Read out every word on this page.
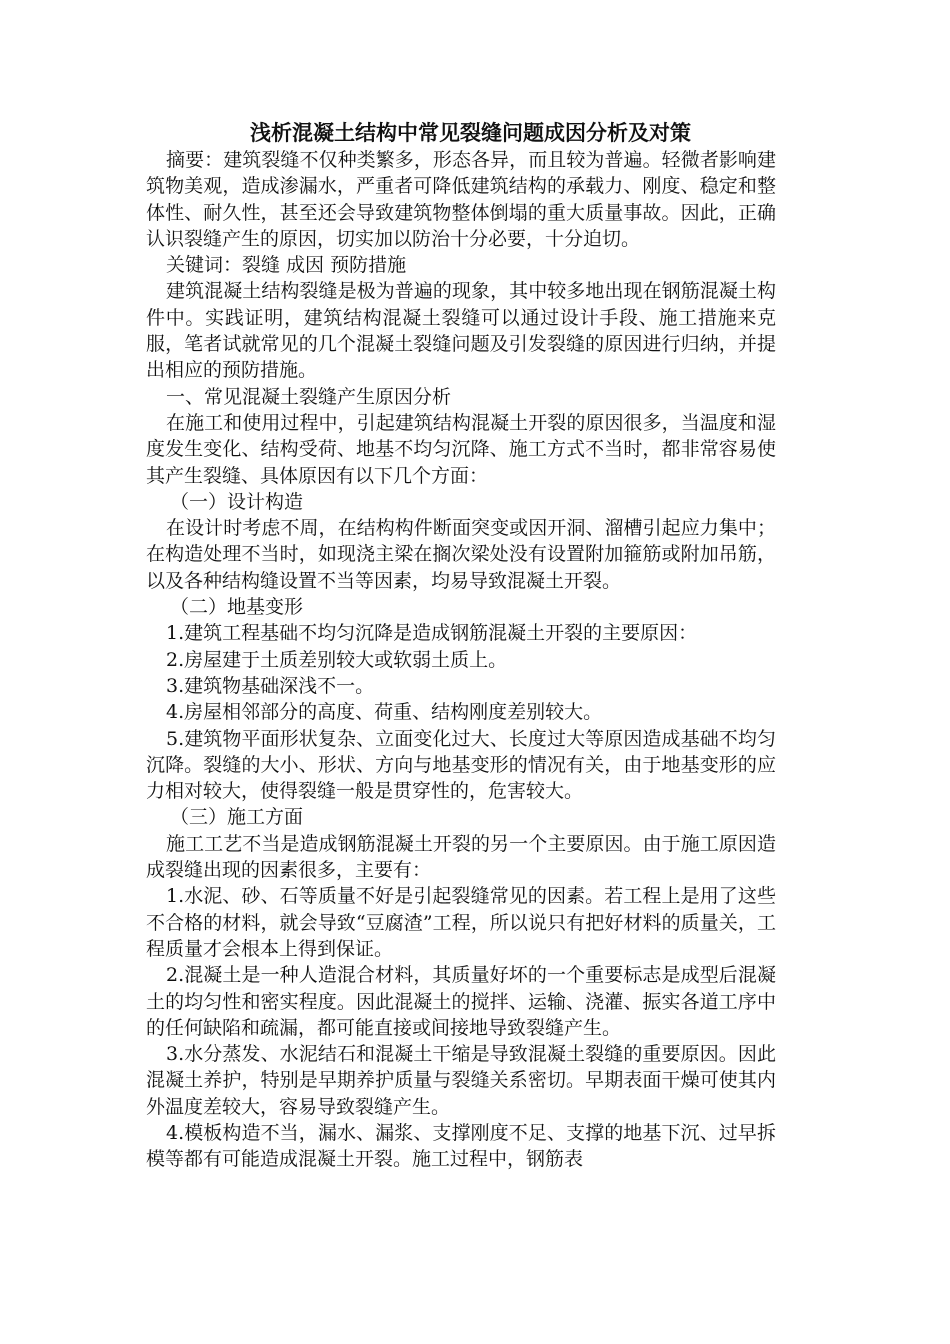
浅析混凝土结构中常见裂缝问题成因分析及对策

摘要：建筑裂缝不仅种类繁多，形态各异，而且较为普遍。轻微者影响建筑物美观，造成渗漏水，严重者可降低建筑结构的承载力、刚度、稳定和整体性、耐久性，甚至还会导致建筑物整体倒塌的重大质量事故。因此，正确认识裂缝产生的原因，切实加以防治十分必要，十分迫切。

关键词：裂缝 成因 预防措施

建筑混凝土结构裂缝是极为普遍的现象，其中较多地出现在钢筋混凝土构件中。实践证明，建筑结构混凝土裂缝可以通过设计手段、施工措施来克服，笔者试就常见的几个混凝土裂缝问题及引发裂缝的原因进行归纳，并提出相应的预防措施。

一、常见混凝土裂缝产生原因分析

在施工和使用过程中，引起建筑结构混凝土开裂的原因很多，当温度和湿度发生变化、结构受荷、地基不均匀沉降、施工方式不当时，都非常容易使其产生裂缝、具体原因有以下几个方面：

（一）设计构造

在设计时考虑不周，在结构构件断面突变或因开洞、溜槽引起应力集中；在构造处理不当时，如现浇主梁在搁次梁处没有设置附加箍筋或附加吊筋，以及各种结构缝设置不当等因素，均易导致混凝土开裂。

（二）地基变形

1.建筑工程基础不均匀沉降是造成钢筋混凝土开裂的主要原因：

2.房屋建于土质差别较大或软弱土质上。

3.建筑物基础深浅不一。

4.房屋相邻部分的高度、荷重、结构刚度差别较大。

5.建筑物平面形状复杂、立面变化过大、长度过大等原因造成基础不均匀沉降。裂缝的大小、形状、方向与地基变形的情况有关，由于地基变形的应力相对较大，使得裂缝一般是贯穿性的，危害较大。

（三）施工方面

施工工艺不当是造成钢筋混凝土开裂的另一个主要原因。由于施工原因造成裂缝出现的因素很多，主要有：

1.水泥、砂、石等质量不好是引起裂缝常见的因素。若工程上是用了这些不合格的材料，就会导致“豆腐渣”工程，所以说只有把好材料的质量关，工程质量才会根本上得到保证。

2.混凝土是一种人造混合材料，其质量好坏的一个重要标志是成型后混凝土的均匀性和密实程度。因此混凝土的搅拌、运输、浇灌、振实各道工序中的任何缺陷和疏漏，都可能直接或间接地导致裂缝产生。

3.水分蒸发、水泥结石和混凝土干缩是导致混凝土裂缝的重要原因。因此混凝土养护，特别是早期养护质量与裂缝关系密切。早期表面干燥可使其内外温度差较大，容易导致裂缝产生。

4.模板构造不当，漏水、漏浆、支撑刚度不足、支撑的地基下沉、过早拆模等都有可能造成混凝土开裂。施工过程中，钢筋表
